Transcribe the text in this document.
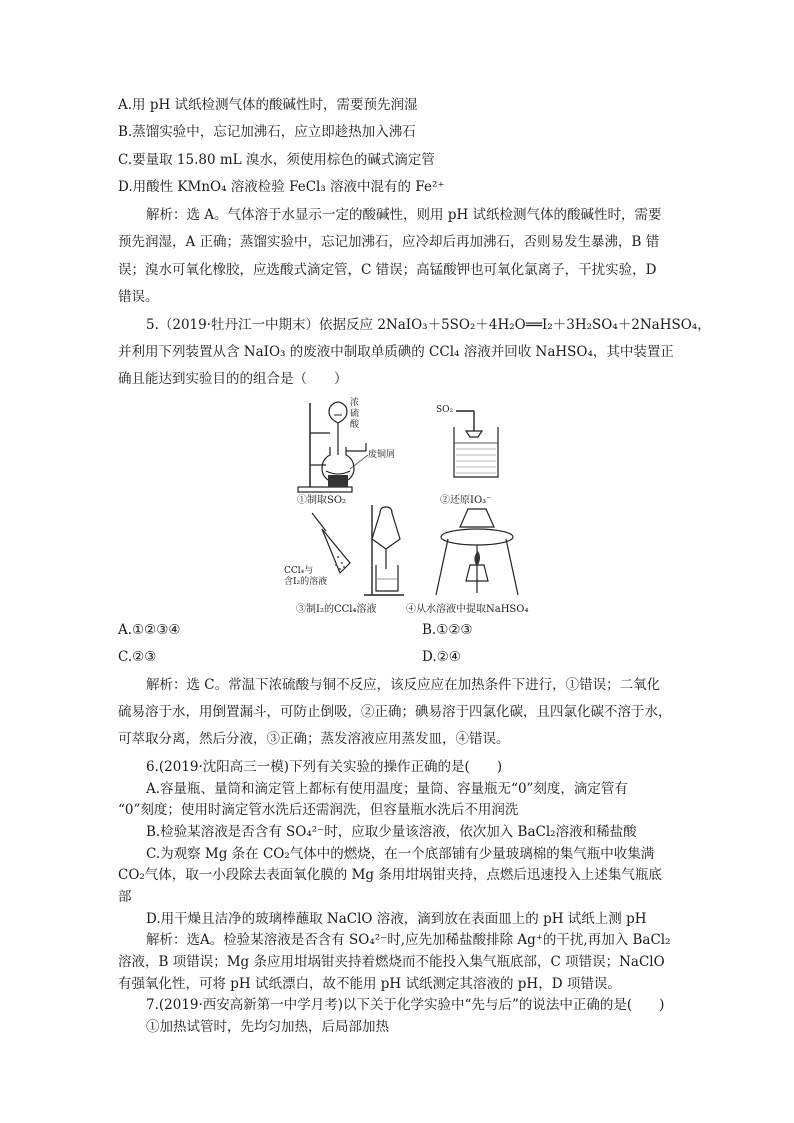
A.用 pH 试纸检测气体的酸碱性时，需要预先润湿
B.蒸馏实验中，忘记加沸石，应立即趁热加入沸石
C.要量取 15.80 mL 溴水，须使用棕色的碱式滴定管
D.用酸性 KMnO₄ 溶液检验 FeCl₃ 溶液中混有的 Fe²⁺
解析：选 A。气体溶于水显示一定的酸碱性，则用 pH 试纸检测气体的酸碱性时，需要
预先润湿，A 正确；蒸馏实验中，忘记加沸石，应冷却后再加沸石，否则易发生暴沸，B 错
误；溴水可氧化橡胶，应选酸式滴定管，C 错误；高锰酸钾也可氧化氯离子，干扰实验，D
错误。
5.（2019·牡丹江一中期末）依据反应 2NaIO₃＋5SO₂＋4H₂O══I₂＋3H₂SO₄＋2NaHSO₄，
并利用下列装置从含 NaIO₃ 的废液中制取单质碘的 CCl₄ 溶液并回收 NaHSO₄，其中装置正
确且能达到实验目的的组合是（　　）
浓
硫
酸
废铜屑
①制取SO₂
SO₂
②还原IO₃⁻
CCl₄与
含I₂的溶液
③制I₂的CCl₄溶液	④从水溶液中提取NaHSO₄
A.①②③④	B.①②③
C.②③	D.②④
解析：选 C。常温下浓硫酸与铜不反应，该反应应在加热条件下进行，①错误；二氧化
硫易溶于水，用倒置漏斗，可防止倒吸，②正确；碘易溶于四氯化碳，且四氯化碳不溶于水，
可萃取分离，然后分液，③正确；蒸发溶液应用蒸发皿，④错误。
6.(2019·沈阳高三一模)下列有关实验的操作正确的是(　　)
A.容量瓶、量筒和滴定管上都标有使用温度；量筒、容量瓶无“0”刻度，滴定管有
“0”刻度；使用时滴定管水洗后还需润洗，但容量瓶水洗后不用润洗
B.检验某溶液是否含有 SO₄²⁻时，应取少量该溶液，依次加入 BaCl₂溶液和稀盐酸
C.为观察 Mg 条在 CO₂气体中的燃烧，在一个底部铺有少量玻璃棉的集气瓶中收集满
CO₂气体，取一小段除去表面氧化膜的 Mg 条用坩埚钳夹持，点燃后迅速投入上述集气瓶底
部
D.用干燥且洁净的玻璃棒蘸取 NaClO 溶液，滴到放在表面皿上的 pH 试纸上测 pH
解析：选A。检验某溶液是否含有 SO₄²⁻时,应先加稀盐酸排除 Ag⁺的干扰,再加入 BaCl₂
溶液，B 项错误；Mg 条应用坩埚钳夹持着燃烧而不能投入集气瓶底部，C 项错误；NaClO
有强氧化性，可将 pH 试纸漂白，故不能用 pH 试纸测定其溶液的 pH，D 项错误。
7.(2019·西安高新第一中学月考)以下关于化学实验中“先与后”的说法中正确的是(　　)
①加热试管时，先均匀加热，后局部加热
